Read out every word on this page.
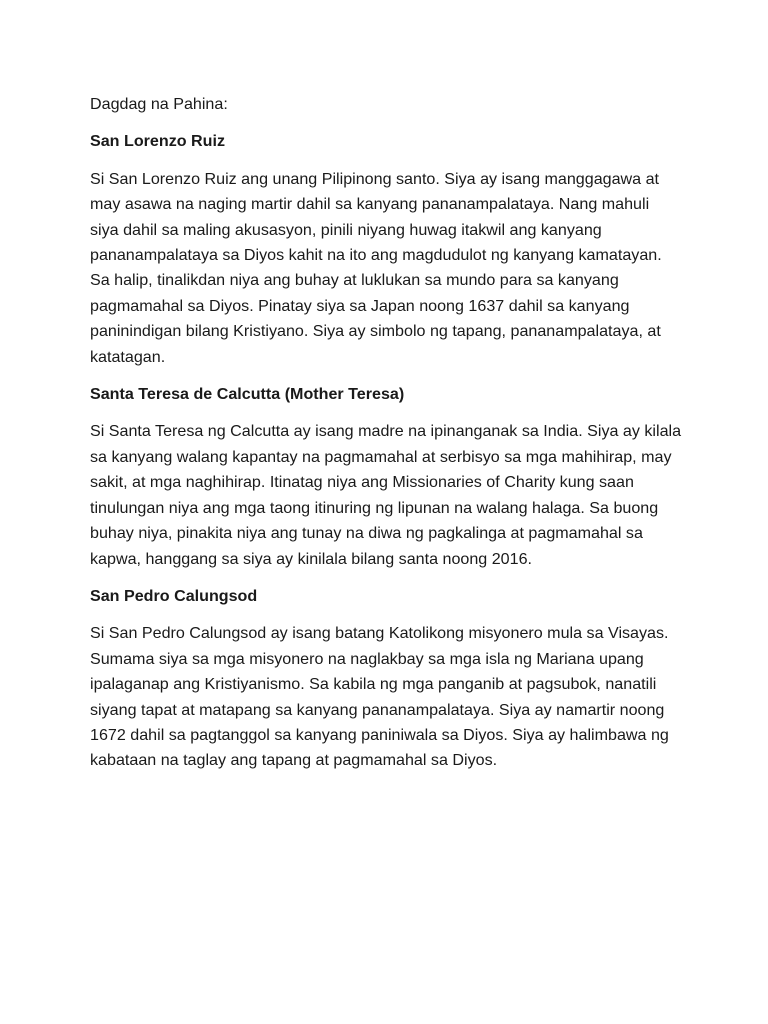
Dagdag na Pahina:

San Lorenzo Ruiz

Si San Lorenzo Ruiz ang unang Pilipinong santo. Siya ay isang manggagawa at may asawa na naging martir dahil sa kanyang pananampalataya. Nang mahuli siya dahil sa maling akusasyon, pinili niyang huwag itakwil ang kanyang pananampalataya sa Diyos kahit na ito ang magdudulot ng kanyang kamatayan. Sa halip, tinalikdan niya ang buhay at luklukan sa mundo para sa kanyang pagmamahal sa Diyos. Pinatay siya sa Japan noong 1637 dahil sa kanyang paninindigan bilang Kristiyano. Siya ay simbolo ng tapang, pananampalataya, at katatagan.

Santa Teresa de Calcutta (Mother Teresa)

Si Santa Teresa ng Calcutta ay isang madre na ipinanganak sa India. Siya ay kilala sa kanyang walang kapantay na pagmamahal at serbisyo sa mga mahihirap, may sakit, at mga naghihirap. Itinatag niya ang Missionaries of Charity kung saan tinulungan niya ang mga taong itinuring ng lipunan na walang halaga. Sa buong buhay niya, pinakita niya ang tunay na diwa ng pagkalinga at pagmamahal sa kapwa, hanggang sa siya ay kinilala bilang santa noong 2016.

San Pedro Calungsod

Si San Pedro Calungsod ay isang batang Katolikong misyonero mula sa Visayas. Sumama siya sa mga misyonero na naglakbay sa mga isla ng Mariana upang ipalaganap ang Kristiyanismo. Sa kabila ng mga panganib at pagsubok, nanatili siyang tapat at matapang sa kanyang pananampalataya. Siya ay namartir noong 1672 dahil sa pagtanggol sa kanyang paniniwala sa Diyos. Siya ay halimbawa ng kabataan na taglay ang tapang at pagmamahal sa Diyos.
